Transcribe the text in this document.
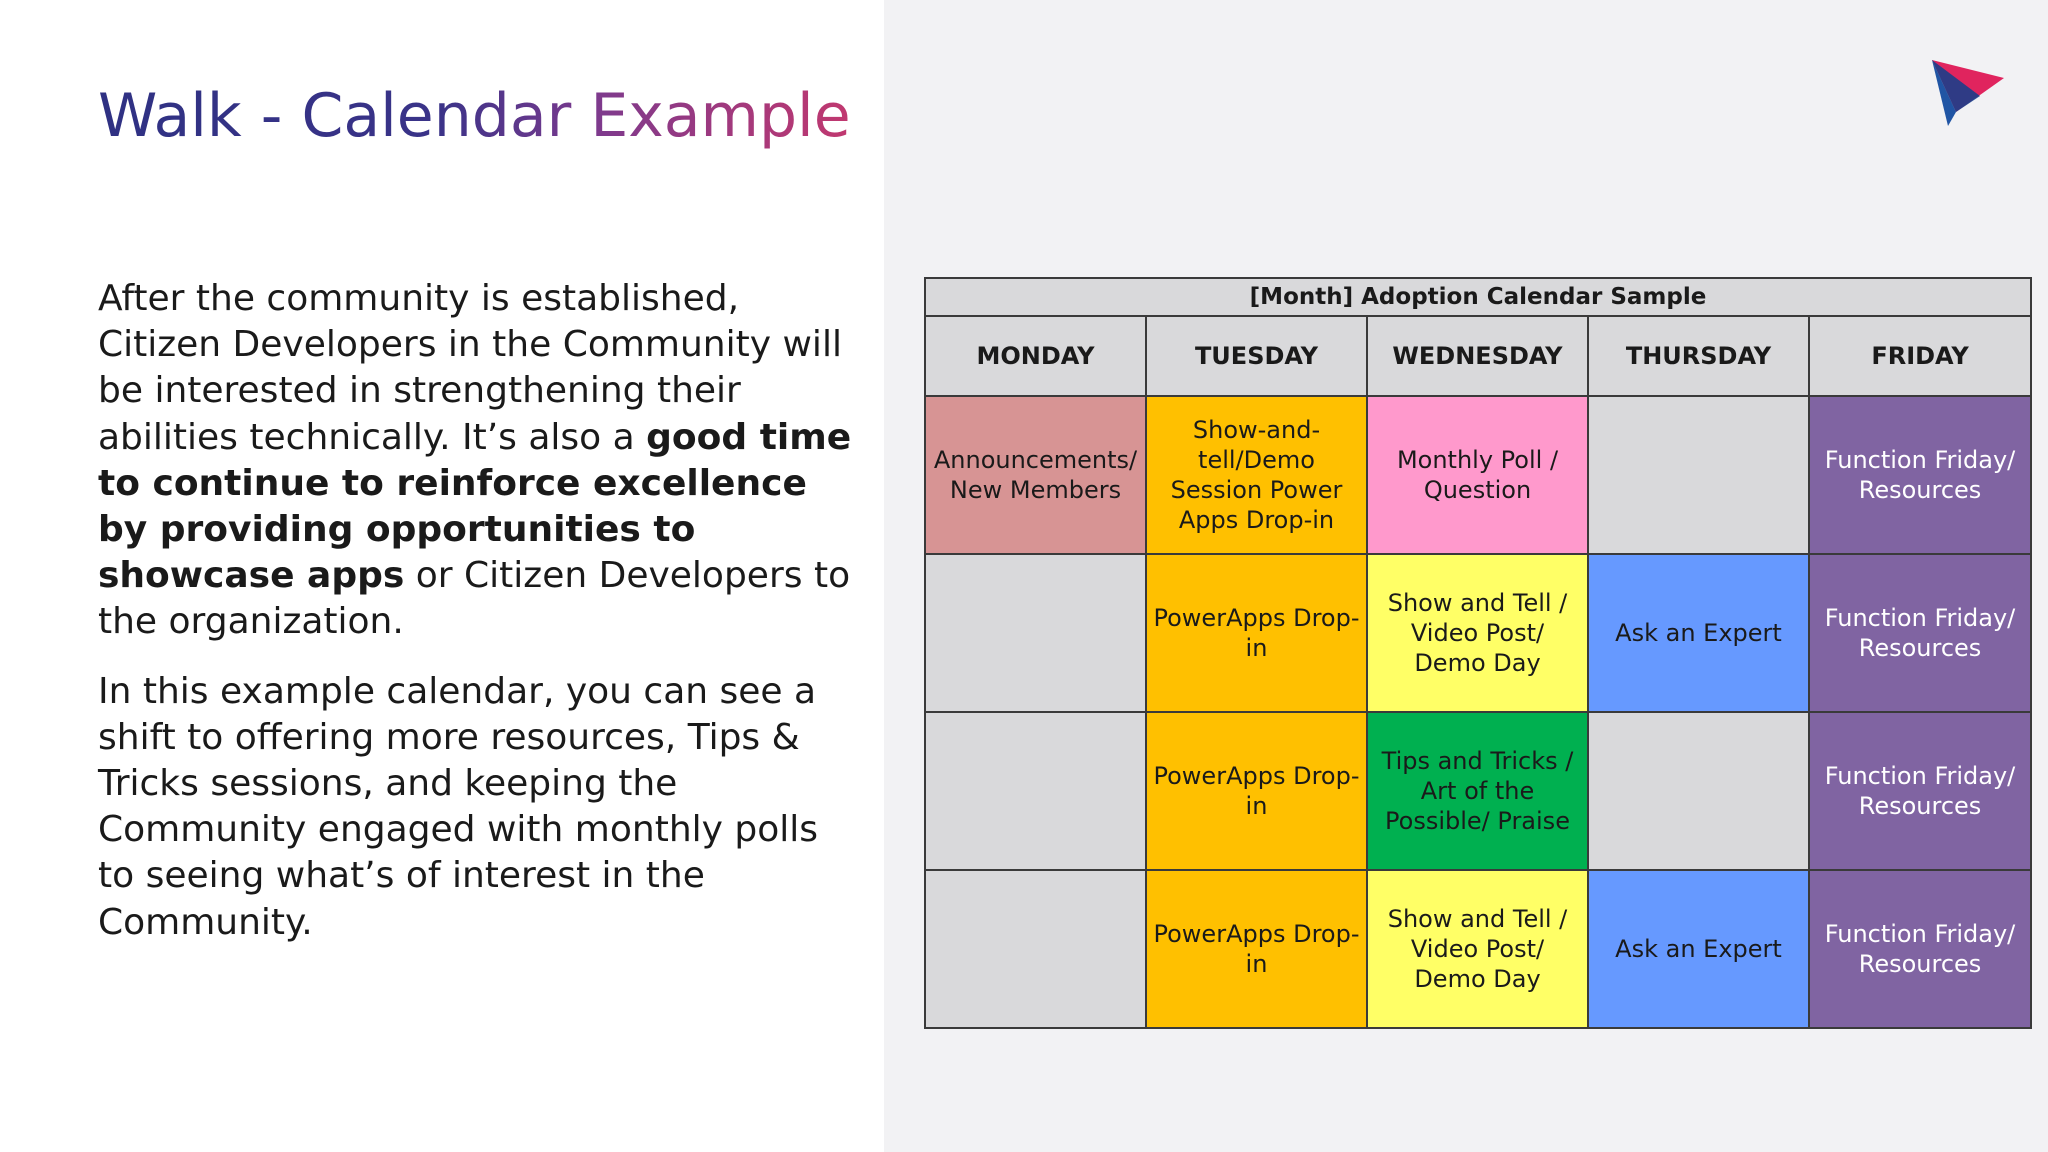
Walk - Calendar Example

After the community is established, Citizen Developers in the Community will be interested in strengthening their abilities technically. It’s also a good time to continue to reinforce excellence by providing opportunities to showcase apps or Citizen Developers to the organization.

In this example calendar, you can see a shift to offering more resources, Tips & Tricks sessions, and keeping the Community engaged with monthly polls to seeing what’s of interest in the Community.

[Month] Adoption Calendar Sample				
MONDAY	TUESDAY	WEDNESDAY	THURSDAY	FRIDAY
Announcements/ New Members	Show-and-tell/Demo Session Power Apps Drop-in	Monthly Poll / Question		Function Friday/ Resources
	PowerApps Drop-in	Show and Tell / Video Post/ Demo Day	Ask an Expert	Function Friday/ Resources
	PowerApps Drop-in	Tips and Tricks / Art of the Possible/ Praise		Function Friday/ Resources
	PowerApps Drop-in	Show and Tell / Video Post/ Demo Day	Ask an Expert	Function Friday/ Resources
